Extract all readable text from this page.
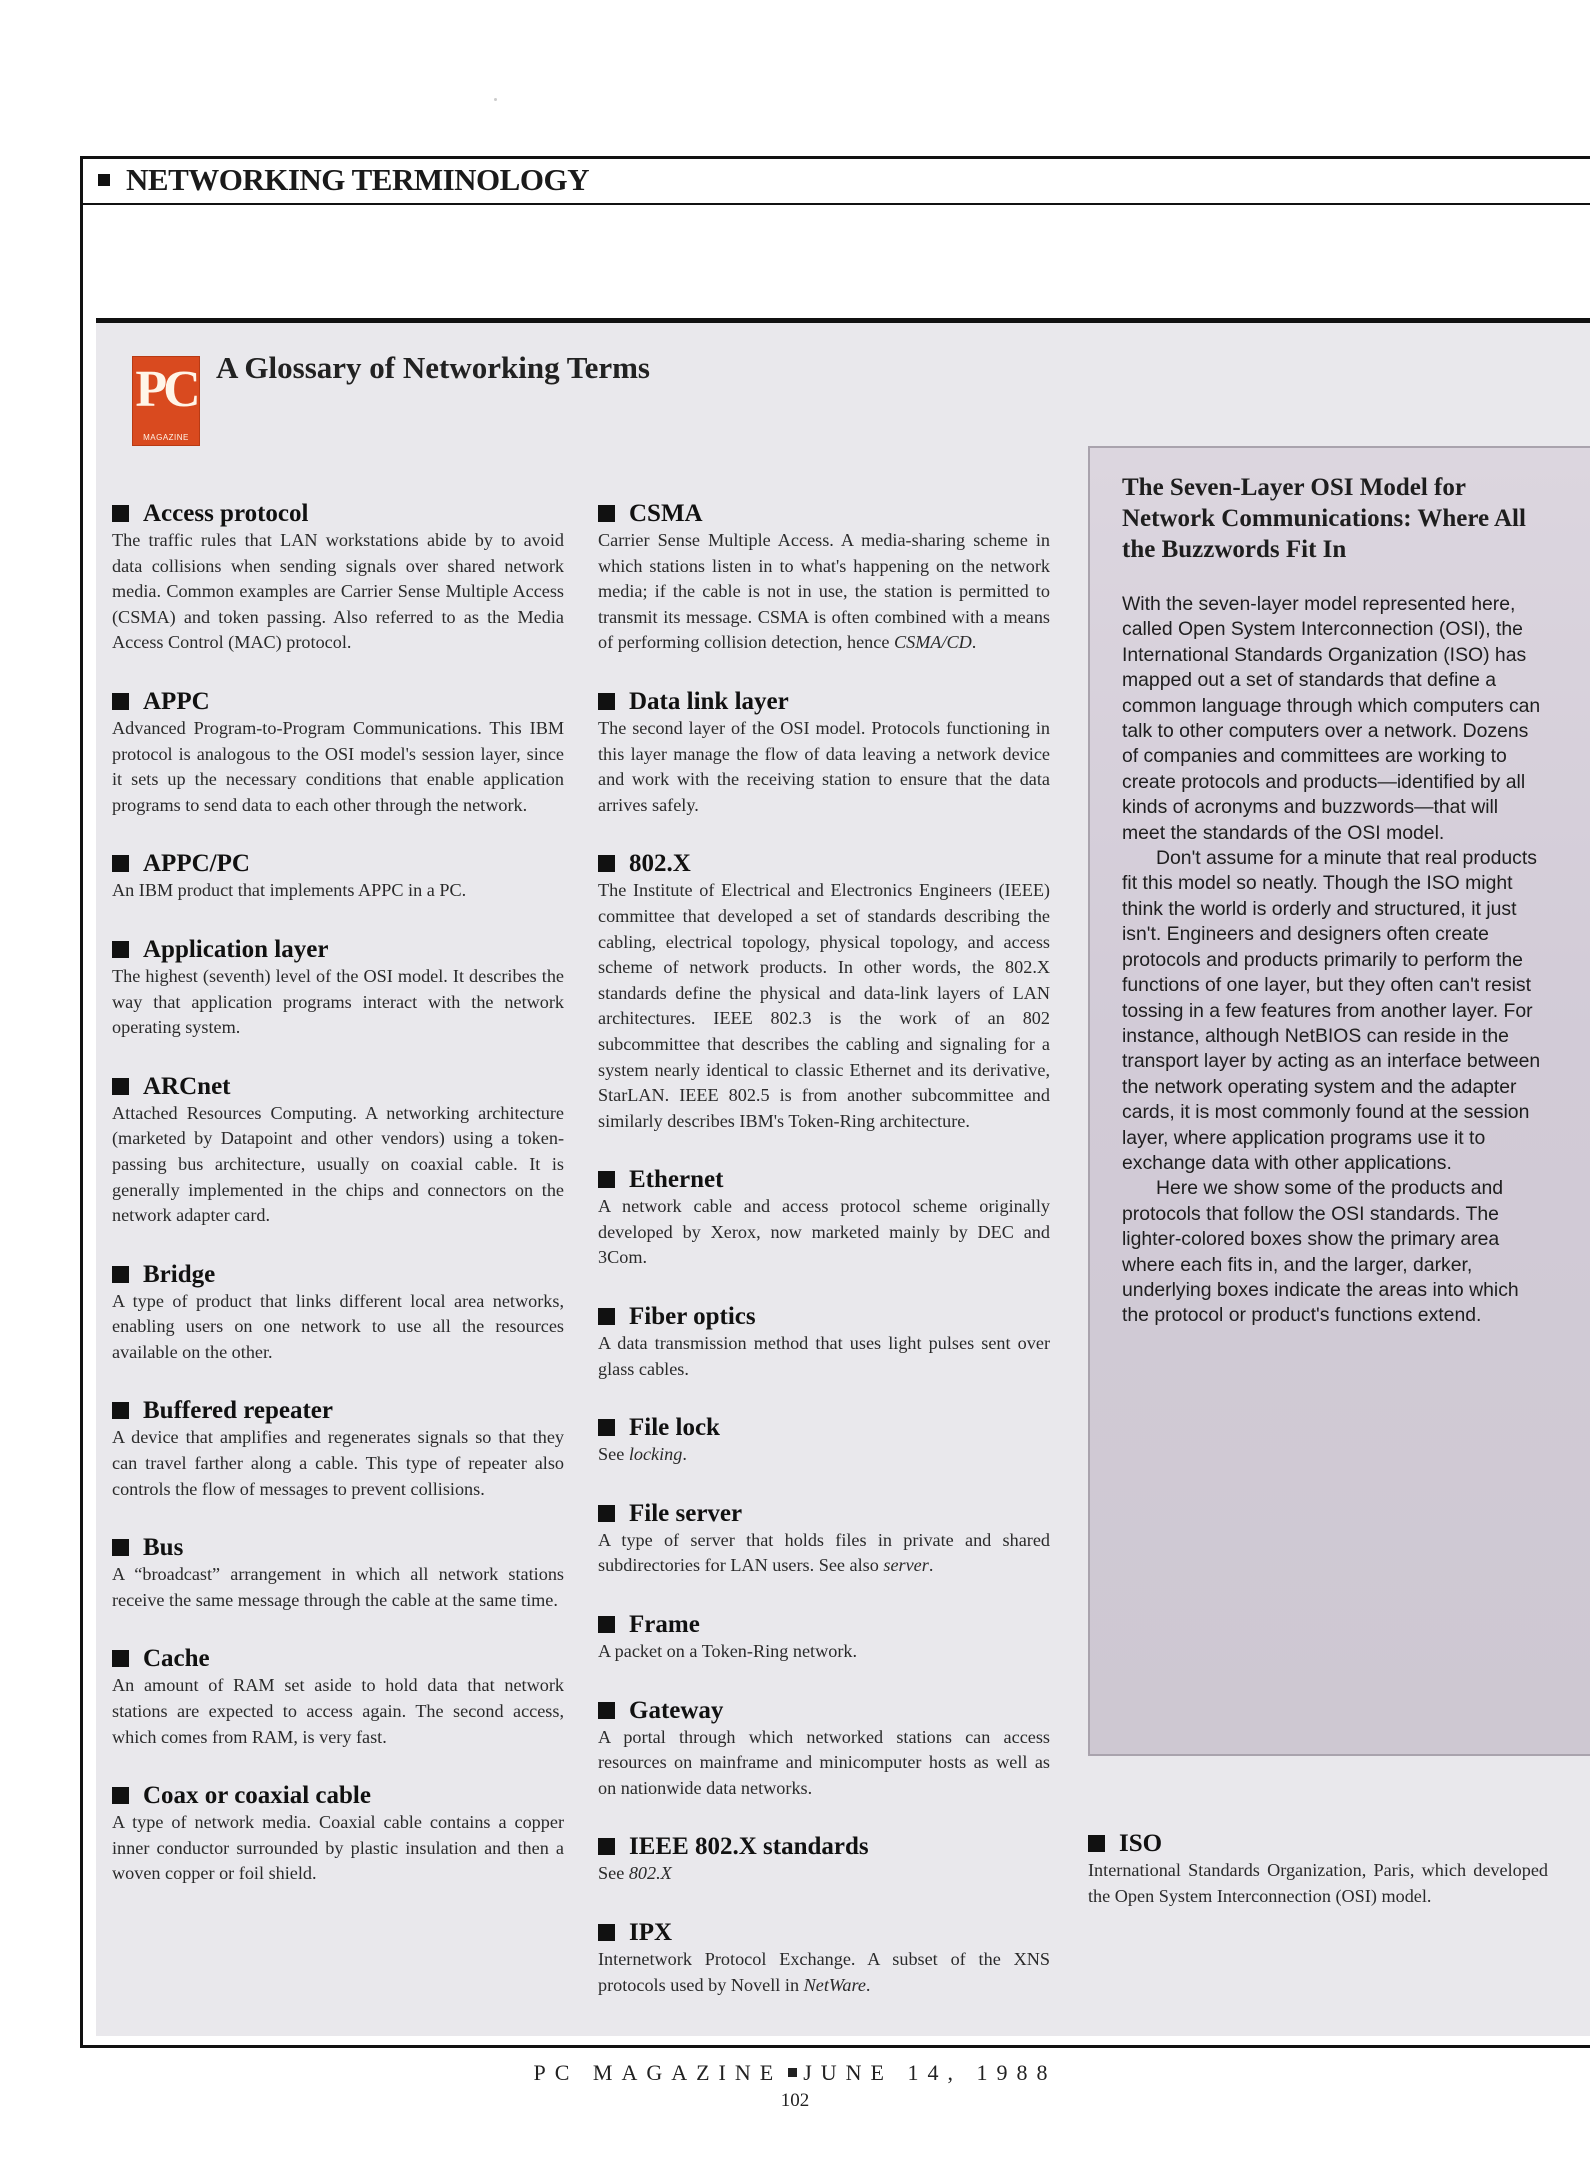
NETWORKING TERMINOLOGY
PC
MAGAZINE
A Glossary of Networking Terms
Access protocol
The traffic rules that LAN workstations abide by to avoid data collisions when sending signals over shared network media. Common examples are Carrier Sense Multiple Access (CSMA) and token passing. Also referred to as the Media Access Control (MAC) protocol.
APPC
Advanced Program-to-Program Communications. This IBM protocol is analogous to the OSI model's session layer, since it sets up the necessary conditions that enable application programs to send data to each other through the network.
APPC/PC
An IBM product that implements APPC in a PC.
Application layer
The highest (seventh) level of the OSI model. It describes the way that application programs interact with the network operating system.
ARCnet
Attached Resources Computing. A networking architecture (marketed by Datapoint and other vendors) using a token-passing bus architecture, usually on coaxial cable. It is generally implemented in the chips and connectors on the network adapter card.
Bridge
A type of product that links different local area networks, enabling users on one network to use all the resources available on the other.
Buffered repeater
A device that amplifies and regenerates signals so that they can travel farther along a cable. This type of repeater also controls the flow of messages to prevent collisions.
Bus
A “broadcast” arrangement in which all network stations receive the same message through the cable at the same time.
Cache
An amount of RAM set aside to hold data that network stations are expected to access again. The second access, which comes from RAM, is very fast.
Coax or coaxial cable
A type of network media. Coaxial cable contains a copper inner conductor surrounded by plastic insulation and then a woven copper or foil shield.
CSMA
Carrier Sense Multiple Access. A media-sharing scheme in which stations listen in to what's happening on the network media; if the cable is not in use, the station is permitted to transmit its message. CSMA is often combined with a means of performing collision detection, hence CSMA/CD.
Data link layer
The second layer of the OSI model. Protocols functioning in this layer manage the flow of data leaving a network device and work with the receiving station to ensure that the data arrives safely.
802.X
The Institute of Electrical and Electronics Engineers (IEEE) committee that developed a set of standards describing the cabling, electrical topology, physical topology, and access scheme of network products. In other words, the 802.X standards define the physical and data-link layers of LAN architectures. IEEE 802.3 is the work of an 802 subcommittee that describes the cabling and signaling for a system nearly identical to classic Ethernet and its derivative, StarLAN. IEEE 802.5 is from another subcommittee and similarly describes IBM's Token-Ring architecture.
Ethernet
A network cable and access protocol scheme originally developed by Xerox, now marketed mainly by DEC and 3Com.
Fiber optics
A data transmission method that uses light pulses sent over glass cables.
File lock
See locking.
File server
A type of server that holds files in private and shared subdirectories for LAN users. See also server.
Frame
A packet on a Token-Ring network.
Gateway
A portal through which networked stations can access resources on mainframe and minicomputer hosts as well as on nationwide data networks.
IEEE 802.X standards
See 802.X
IPX
Internetwork Protocol Exchange. A subset of the XNS protocols used by Novell in NetWare.
The Seven-Layer OSI Model for Network Communications: Where All the Buzzwords Fit In

With the seven-layer model represented here, called Open System Interconnection (OSI), the International Standards Organization (ISO) has mapped out a set of standards that define a common language through which computers can talk to other computers over a network. Dozens of companies and committees are working to create protocols and products—identified by all kinds of acronyms and buzzwords—that will meet the standards of the OSI model.

Don't assume for a minute that real products fit this model so neatly. Though the ISO might think the world is orderly and structured, it just isn't. Engineers and designers often create protocols and products primarily to perform the functions of one layer, but they often can't resist tossing in a few features from another layer. For instance, although NetBIOS can reside in the transport layer by acting as an interface between the network operating system and the adapter cards, it is most commonly found at the session layer, where application programs use it to exchange data with other applications.

Here we show some of the products and protocols that follow the OSI standards. The lighter-colored boxes show the primary area where each fits in, and the larger, darker, underlying boxes indicate the areas into which the protocol or product's functions extend.

ISO
International Standards Organization, Paris, which developed the Open System Interconnection (OSI) model.
PC MAGAZINE JUNE 14, 1988
102
